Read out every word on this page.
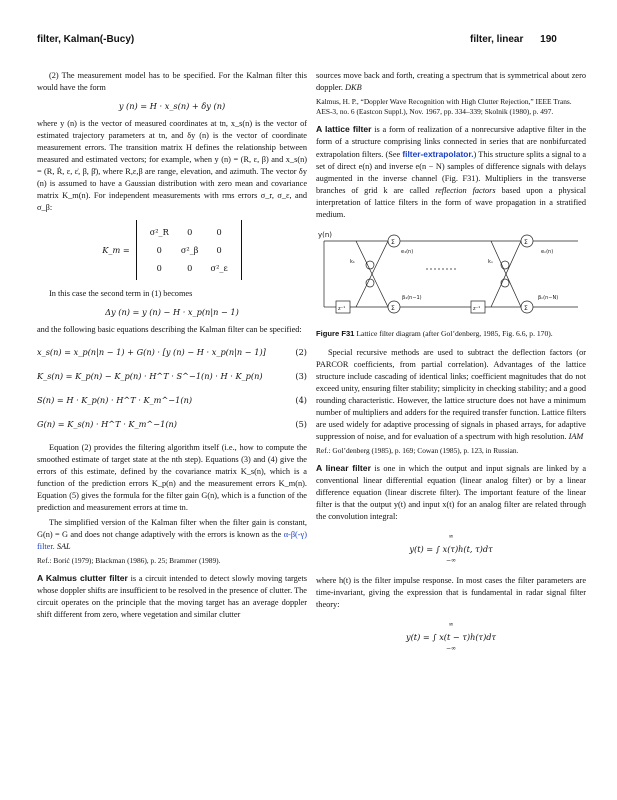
filter, Kalman(-Bucy)	filter, linear 190

(2) The measurement model has to be specified. For the Kalman filter this would have the form

y (n) = H · x_s(n) + δy (n)

where y (n) is the vector of measured coordinates at tn, x_s(n) is the vector of estimated trajectory parameters at tn, and δy (n) is the vector of coordinate measurement errors. The transition matrix H defines the relationship between measured and estimated vectors; for example, when y (n) = (R, ε, β) and x_s(n) = (R, Ṙ, ε, ε̇, β, β̇), where R,ε,β are range, elevation, and azimuth. The vector δy (n) is assumed to have a Gaussian distribution with zero mean and covariance matrix K_m(n). For independent measurements with rms errors σ_r, σ_ε, and σ_β:

K_m =
σ²_R	0	0
0	σ²_β	0
0	0	σ²_ε

In this case the second term in (1) becomes

Δy (n) = y (n) − H · x_p(n|n − 1)

and the following basic equations describing the Kalman filter can be specified:

x_s(n) = x_p(n|n − 1) + G(n) · [y (n) − H · x_p(n|n − 1)]	(2)
K_s(n) = K_p(n) − K_p(n) · H^T · S^−1(n) · H · K_p(n)	(3)
S(n) = H · K_p(n) · H^T · K_m^−1(n)	(4)
G(n) = K_s(n) · H^T · K_m^−1(n)	(5)

Equation (2) provides the filtering algorithm itself (i.e., how to compute the smoothed estimate of target state at the nth step). Equations (3) and (4) give the errors of this estimate, defined by the covariance matrix K_s(n), which is a function of the prediction errors K_p(n) and the measurement errors K_m(n). Equation (5) gives the formula for the filter gain G(n), which is a function of the prediction and measurement errors at time tn.

The simplified version of the Kalman filter when the filter gain is constant, G(n) = G and does not change adaptively with the errors is known as the α-β(-γ) filter. SAL

Ref.: Borić (1979); Blackman (1986), p. 25; Brammer (1989).

A Kalmus clutter filter is a circuit intended to detect slowly moving targets whose doppler shifts are insufficient to be resolved in the presence of clutter. The circuit operates on the principle that the moving target has an average doppler shift different from zero, where vegetation and similar clutter

sources move back and forth, creating a spectrum that is symmetrical about zero doppler. DKB

Kalmus, H. P., “Doppler Wave Recognition with High Clutter Rejection,” IEEE Trans. AES-3, no. 6 (Eastcon Suppl.), Nov. 1967, pp. 334–339; Skolnik (1980), p. 497.

A lattice filter is a form of realization of a nonrecursive adaptive filter in the form of a structure comprising links connected in series that are nonbifurcated extrapolation filters. (See filter-extrapolator.) This structure splits a signal to a set of direct e(n) and inverse e(n − N) samples of difference signals with delays augmented in the inverse channel (Fig. F31). Multipliers in the transverse branches of grid k are called reflection factors based upon a physical interpretation of lattice filters in the form of wave propagation in a stratified medium.

y(n)
e₁(n)	eₙ(n)
β₁(n−1)	βₙ(n−N)
k₁	kₙ
z⁻¹	z⁻¹
Σ
Σ
Σ
Σ
Figure F31 Lattice filter diagram (after Gol’denberg, 1985, Fig. 6.6, p. 170).

Special recursive methods are used to subtract the deflection factors (or PARCOR coefficients, from partial correlation). Advantages of the lattice structure include cascading of identical links; coefficient magnitudes that do not exceed unity, ensuring filter stability; simplicity in checking stability; and a good rounding characteristic. However, the lattice structure does not have a minimum number of multipliers and adders for the required transfer function. Lattice filters are used widely for adaptive processing of signals in phased arrays, for adaptive suppression of noise, and for evaluation of a spectrum with high resolution. IAM

Ref.: Gol’denberg (1985), p. 169; Cowan (1985), p. 123, in Russian.

A linear filter is one in which the output and input signals are linked by a conventional linear differential equation (linear analog filter) or by a linear difference equation (linear discrete filter). The important feature of the linear filter is that the output y(t) and input x(t) for an analog filter are related through the convolution integral:

∞
y(t) = ∫ x(τ)h(t, τ)dτ
−∞

where h(t) is the filter impulse response. In most cases the filter parameters are time-invariant, giving the expression that is fundamental in radar signal filter theory:

∞
y(t) = ∫ x(t − τ)h(τ)dτ
−∞
